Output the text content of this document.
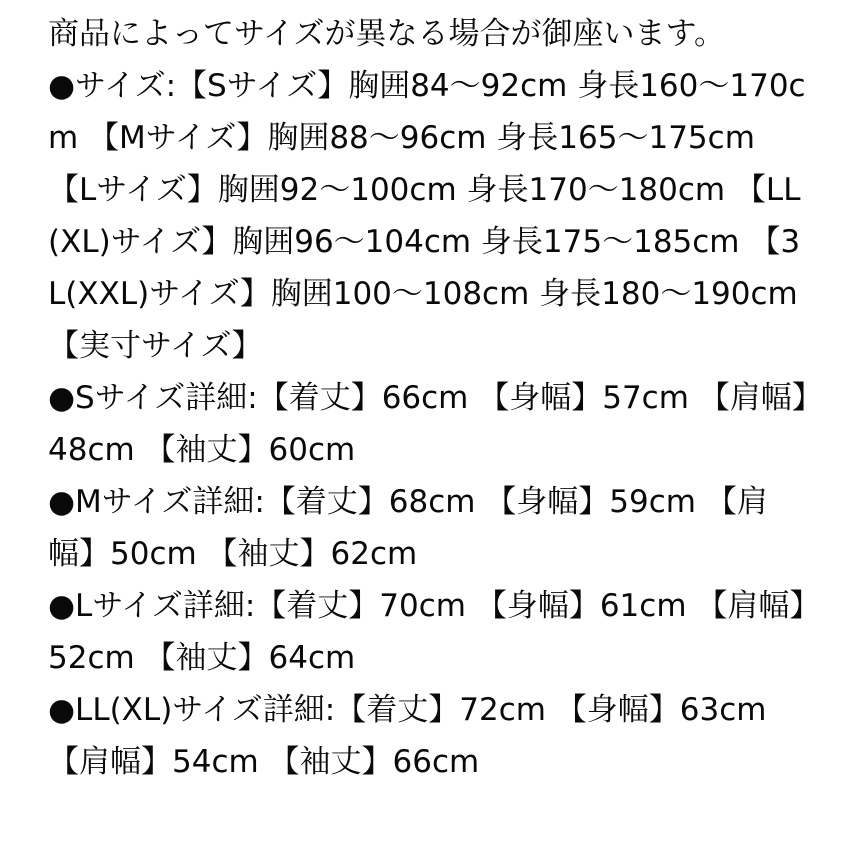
商品によってサイズが異なる場合が御座います。

●サイズ:【Sサイズ】胸囲84〜92cm 身長160〜170cm 【Mサイズ】胸囲88〜96cm 身長165〜175cm 【Lサイズ】胸囲92〜100cm 身長170〜180cm 【LL(XL)サイズ】胸囲96〜104cm 身長175〜185cm 【3L(XXL)サイズ】胸囲100〜108cm 身長180〜190cm

【実寸サイズ】

●Sサイズ詳細:【着丈】66cm 【身幅】57cm 【肩幅】48cm 【袖丈】60cm

●Mサイズ詳細:【着丈】68cm 【身幅】59cm 【肩幅】50cm 【袖丈】62cm

●Lサイズ詳細:【着丈】70cm 【身幅】61cm 【肩幅】52cm 【袖丈】64cm

●LL(XL)サイズ詳細:【着丈】72cm 【身幅】63cm 【肩幅】54cm 【袖丈】66cm
